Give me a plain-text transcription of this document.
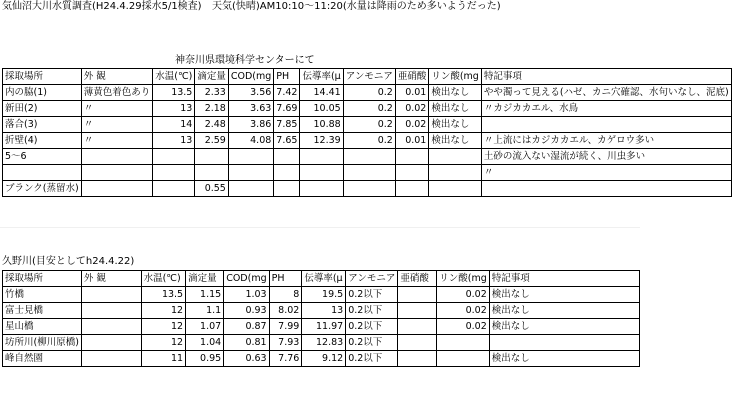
気仙沼大川水質調査(H24.4.29採水5/1検査) 天気(快晴)AM10:10〜11:20(水量は降雨のため多いようだった)
神奈川県環境科学センターにて
採取場所	外 観	水温(℃)	滴定量	COD(mg	PH	伝導率(μ	アンモニア	亜硝酸	リン酸(mg	特記事項
内の脇(1)	薄黄色着色あり	13.5	2.33	3.56	7.42	14.41	0.2	0.01	検出なし	やや濁って見える(ハゼ、カニ穴確認、水句いなし、泥底)
新田(2)	〃	13	2.18	3.63	7.69	10.05	0.2	0.02	検出なし	〃カジカカエル、水鳥
落合(3)	〃	14	2.48	3.86	7.85	10.88	0.2	0.02	検出なし	
折壁(4)	〃	13	2.59	4.08	7.65	12.39	0.2	0.01	検出なし	〃上流にはカジカカエル、カゲロウ多い
5〜6										土砂の流入ない湿流が続く、川虫多い
										〃
ブランク(蒸留水)			0.55							
久野川(目安としてh24.4.22)
採取場所	外 観	水温(℃)	滴定量	COD(mg	PH	伝導率(μ	アンモニア	亜硝酸	リン酸(mg	特記事項
竹橋		13.5	1.15	1.03	8	19.5	0.2以下		0.02	検出なし
富士見橋		12	1.1	0.93	8.02	13	0.2以下		0.02	検出なし
星山橋		12	1.07	0.87	7.99	11.97	0.2以下		0.02	検出なし
坊所川(柳川原橋)		12	1.04	0.81	7.93	12.83	0.2以下			
峰自然園		11	0.95	0.63	7.76	9.12	0.2以下			検出なし
